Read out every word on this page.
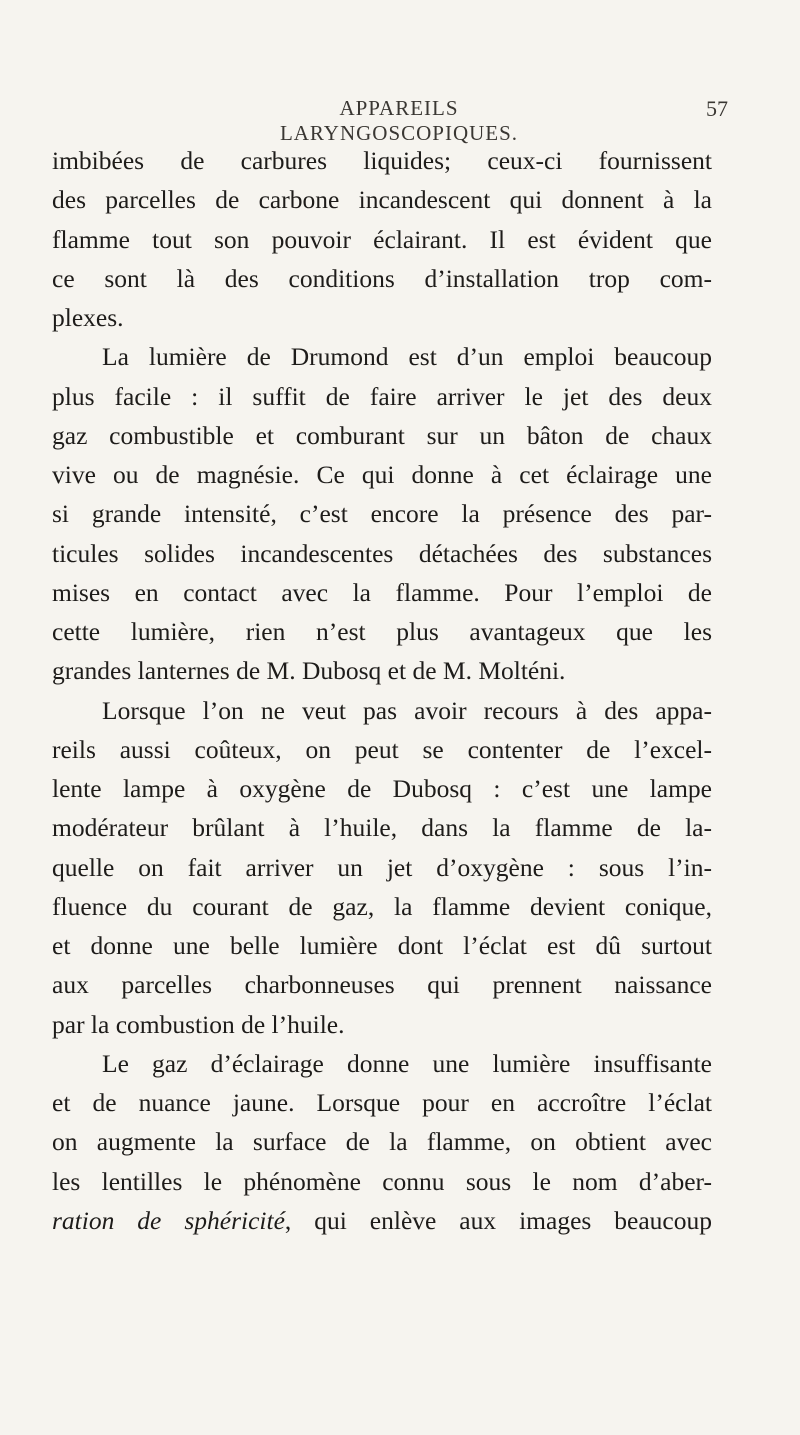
APPAREILS LARYNGOSCOPIQUES.
57
imbibées de carbures liquides; ceux-ci fournissent
des parcelles de carbone incandescent qui donnent à la
flamme tout son pouvoir éclairant. Il est évident que
ce sont là des conditions d’installation trop com-
plexes.
La lumière de Drumond est d’un emploi beaucoup
plus facile : il suffit de faire arriver le jet des deux
gaz combustible et comburant sur un bâton de chaux
vive ou de magnésie. Ce qui donne à cet éclairage une
si grande intensité, c’est encore la présence des par-
ticules solides incandescentes détachées des substances
mises en contact avec la flamme. Pour l’emploi de
cette lumière, rien n’est plus avantageux que les
grandes lanternes de M. Dubosq et de M. Molténi.
Lorsque l’on ne veut pas avoir recours à des appa-
reils aussi coûteux, on peut se contenter de l’excel-
lente lampe à oxygène de Dubosq : c’est une lampe
modérateur brûlant à l’huile, dans la flamme de la-
quelle on fait arriver un jet d’oxygène : sous l’in-
fluence du courant de gaz, la flamme devient conique,
et donne une belle lumière dont l’éclat est dû surtout
aux parcelles charbonneuses qui prennent naissance
par la combustion de l’huile.
Le gaz d’éclairage donne une lumière insuffisante
et de nuance jaune. Lorsque pour en accroître l’éclat
on augmente la surface de la flamme, on obtient avec
les lentilles le phénomène connu sous le nom d’aber-
ration de sphéricité, qui enlève aux images beaucoup
